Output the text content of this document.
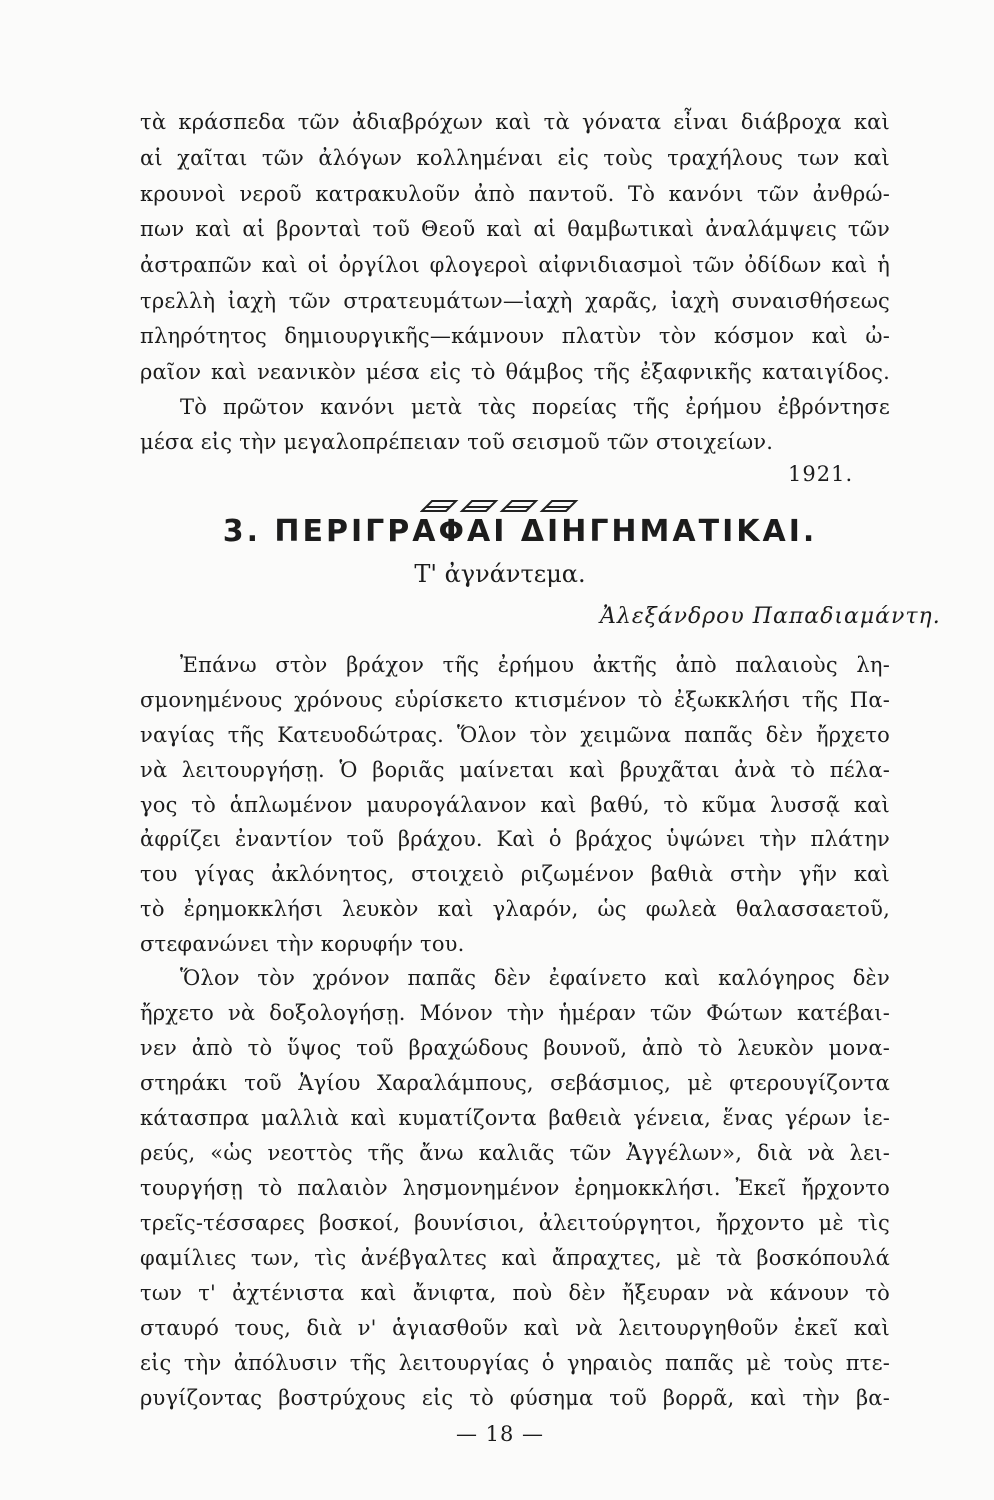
τὰ κράσπεδα τῶν ἀδιαβρόχων καὶ τὰ γόνατα εἶναι διάβροχα καὶ
αἱ χαῖται τῶν ἀλόγων κολλημέναι εἰς τοὺς τραχήλους των καὶ
κρουνοὶ νεροῦ κατρακυλοῦν ἀπὸ παντοῦ. Τὸ κανόνι τῶν ἀνθρώ-
πων καὶ αἱ βρονταὶ τοῦ Θεοῦ καὶ αἱ θαμβωτικαὶ ἀναλάμψεις τῶν
ἀστραπῶν καὶ οἱ ὀργίλοι φλογεροὶ αἰφνιδιασμοὶ τῶν ὀδίδων καὶ ἡ
τρελλὴ ἰαχὴ τῶν στρατευμάτων—ἰαχὴ χαρᾶς, ἰαχὴ συναισθήσεως
πληρότητος δημιουργικῆς—κάμνουν πλατὺν τὸν κόσμον καὶ ὠ-
ραῖον καὶ νεανικὸν μέσα εἰς τὸ θάμβος τῆς ἐξαφνικῆς καταιγίδος.
Τὸ πρῶτον κανόνι μετὰ τὰς πορείας τῆς ἐρήμου ἐβρόντησε
μέσα εἰς τὴν μεγαλοπρέπειαν τοῦ σεισμοῦ τῶν στοιχείων.
1921.
3. ΠΕΡΙΓΡΑΦΑΙ ΔΙΗΓΗΜΑΤΙΚΑΙ.
Τ' ἀγνάντεμα.
Ἀλεξάνδρου Παπαδιαμάντη.
Ἐπάνω στὸν βράχον τῆς ἐρήμου ἀκτῆς ἀπὸ παλαιοὺς λη-
σμονημένους χρόνους εὑρίσκετο κτισμένον τὸ ἐξωκκλήσι τῆς Πα-
ναγίας τῆς Κατευοδώτρας. Ὅλον τὸν χειμῶνα παπᾶς δὲν ἤρχετο
νὰ λειτουργήσῃ. Ὁ βοριᾶς μαίνεται καὶ βρυχᾶται ἀνὰ τὸ πέλα-
γος τὸ ἁπλωμένον μαυρογάλανον καὶ βαθύ, τὸ κῦμα λυσσᾷ καὶ
ἀφρίζει ἐναντίον τοῦ βράχου. Καὶ ὁ βράχος ὑψώνει τὴν πλάτην
του γίγας ἀκλόνητος, στοιχειὸ ριζωμένον βαθιὰ στὴν γῆν καὶ
τὸ ἐρημοκκλήσι λευκὸν καὶ γλαρόν, ὡς φωλεὰ θαλασσαετοῦ,
στεφανώνει τὴν κορυφήν του.
Ὅλον τὸν χρόνον παπᾶς δὲν ἐφαίνετο καὶ καλόγηρος δὲν
ἤρχετο νὰ δοξολογήσῃ. Μόνον τὴν ἡμέραν τῶν Φώτων κατέβαι-
νεν ἀπὸ τὸ ὕψος τοῦ βραχώδους βουνοῦ, ἀπὸ τὸ λευκὸν μονα-
στηράκι τοῦ Ἁγίου Χαραλάμπους, σεβάσμιος, μὲ φτερουγίζοντα
κάτασπρα μαλλιὰ καὶ κυματίζοντα βαθειὰ γένεια, ἕνας γέρων ἱε-
ρεύς, «ὡς νεοττὸς τῆς ἄνω καλιᾶς τῶν Ἀγγέλων», διὰ νὰ λει-
τουργήσῃ τὸ παλαιὸν λησμονημένον ἐρημοκκλήσι. Ἐκεῖ ἤρχοντο
τρεῖς-τέσσαρες βοσκοί, βουνίσιοι, ἀλειτούργητοι, ἤρχοντο μὲ τὶς
φαμίλιες των, τὶς ἀνέβγαλτες καὶ ἄπραχτες, μὲ τὰ βοσκόπουλά
των τ' ἀχτένιστα καὶ ἄνιφτα, ποὺ δὲν ἤξευραν νὰ κάνουν τὸ
σταυρό τους, διὰ ν' ἁγιασθοῦν καὶ νὰ λειτουργηθοῦν ἐκεῖ καὶ
εἰς τὴν ἀπόλυσιν τῆς λειτουργίας ὁ γηραιὸς παπᾶς μὲ τοὺς πτε-
ρυγίζοντας βοστρύχους εἰς τὸ φύσημα τοῦ βορρᾶ, καὶ τὴν βα-
— 18 —
